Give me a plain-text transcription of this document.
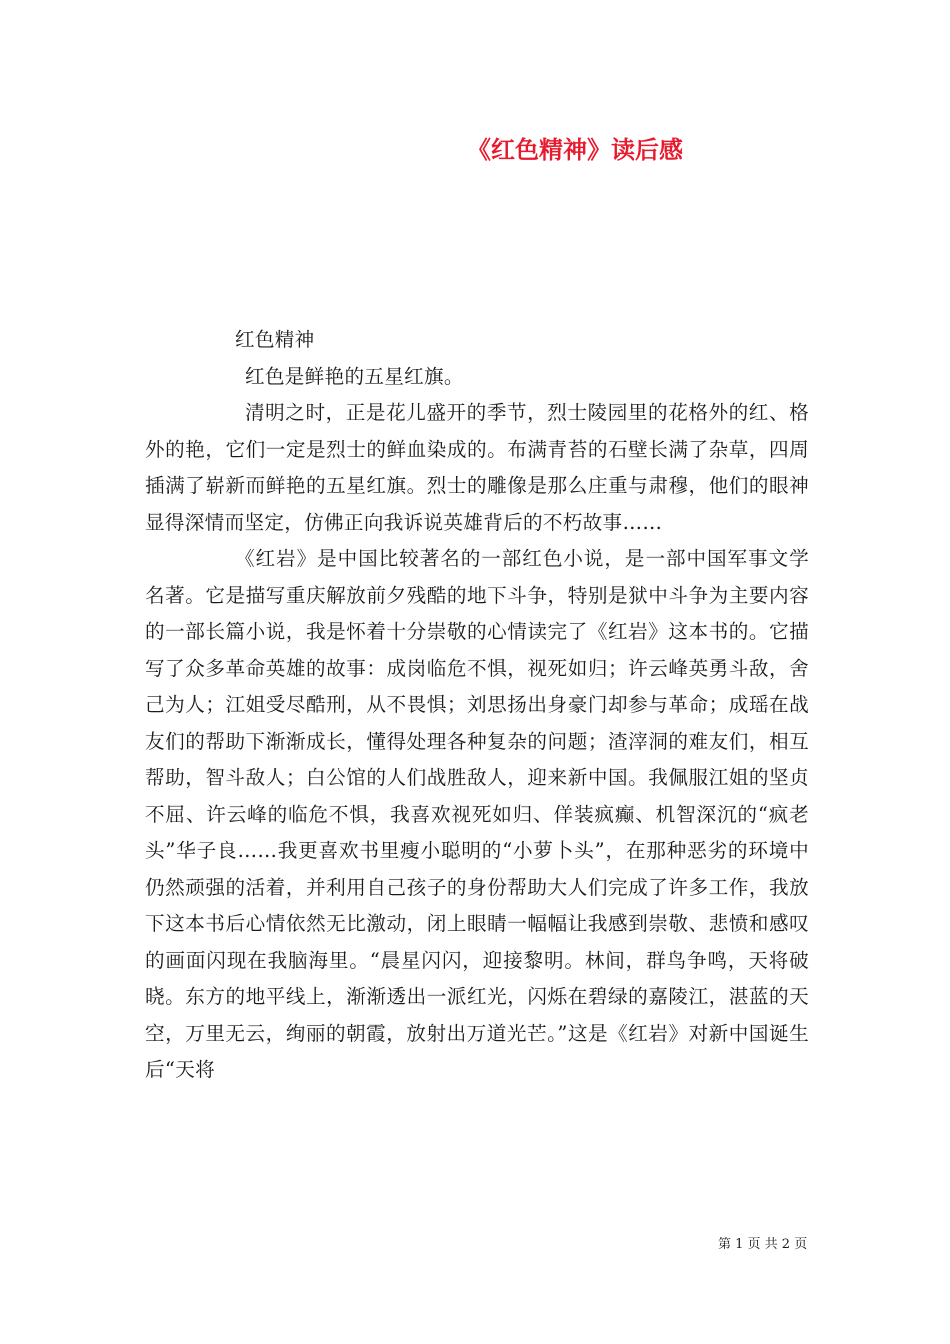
《红色精神》读后感

红色精神

红色是鲜艳的五星红旗。

清明之时，正是花儿盛开的季节，烈士陵园里的花格外的红、格外的艳，它们一定是烈士的鲜血染成的。布满青苔的石壁长满了杂草，四周插满了崭新而鲜艳的五星红旗。烈士的雕像是那么庄重与肃穆，他们的眼神显得深情而坚定，仿佛正向我诉说英雄背后的不朽故事……

《红岩》是中国比较著名的一部红色小说，是一部中国军事文学名著。它是描写重庆解放前夕残酷的地下斗争，特别是狱中斗争为主要内容的一部长篇小说，我是怀着十分崇敬的心情读完了《红岩》这本书的。它描写了众多革命英雄的故事：成岗临危不惧，视死如归；许云峰英勇斗敌，舍己为人；江姐受尽酷刑，从不畏惧；刘思扬出身豪门却参与革命；成瑶在战友们的帮助下渐渐成长，懂得处理各种复杂的问题；渣滓洞的难友们，相互帮助，智斗敌人；白公馆的人们战胜敌人，迎来新中国。我佩服江姐的坚贞不屈、许云峰的临危不惧，我喜欢视死如归、佯装疯癫、机智深沉的“疯老头”华子良……我更喜欢书里瘦小聪明的“小萝卜头”，在那种恶劣的环境中仍然顽强的活着，并利用自己孩子的身份帮助大人们完成了许多工作，我放下这本书后心情依然无比激动，闭上眼睛一幅幅让我感到崇敬、悲愤和感叹的画面闪现在我脑海里。“晨星闪闪，迎接黎明。林间，群鸟争鸣，天将破晓。东方的地平线上，渐渐透出一派红光，闪烁在碧绿的嘉陵江，湛蓝的天空，万里无云，绚丽的朝霞，放射出万道光芒。”这是《红岩》对新中国诞生后“天将

第 1 页 共 2 页
